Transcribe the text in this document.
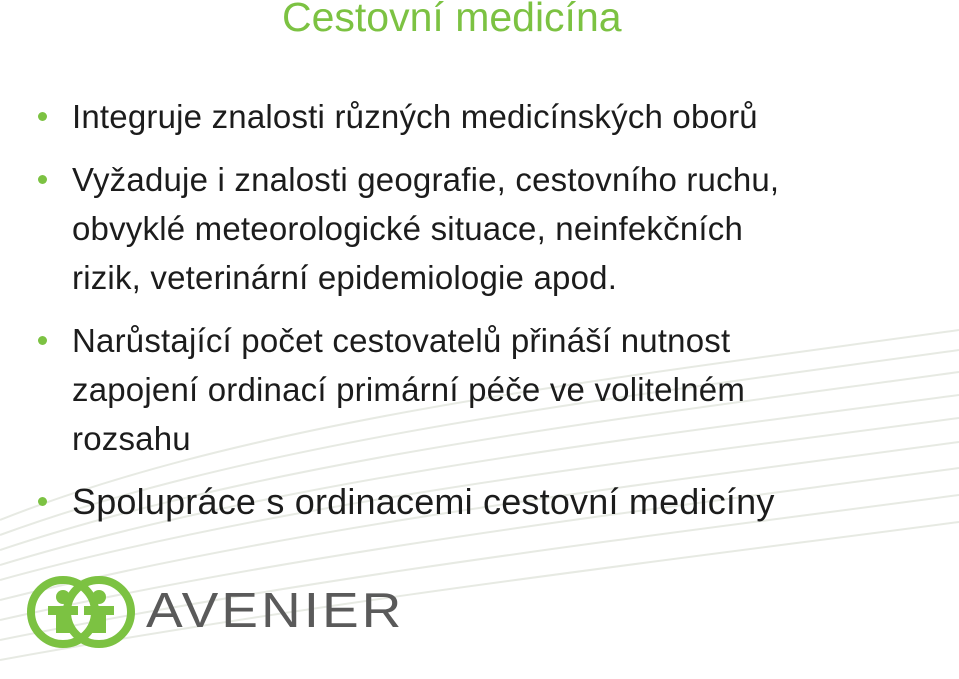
Cestovní medicína
Integruje znalosti různých medicínských oborů
Vyžaduje i znalosti geografie, cestovního ruchu,
obvyklé meteorologické situace, neinfekčních
rizik, veterinární epidemiologie apod.
Narůstající počet cestovatelů přináší nutnost
zapojení ordinací primární péče ve volitelném
rozsahu
Spolupráce s ordinacemi cestovní medicíny
AVENIER
